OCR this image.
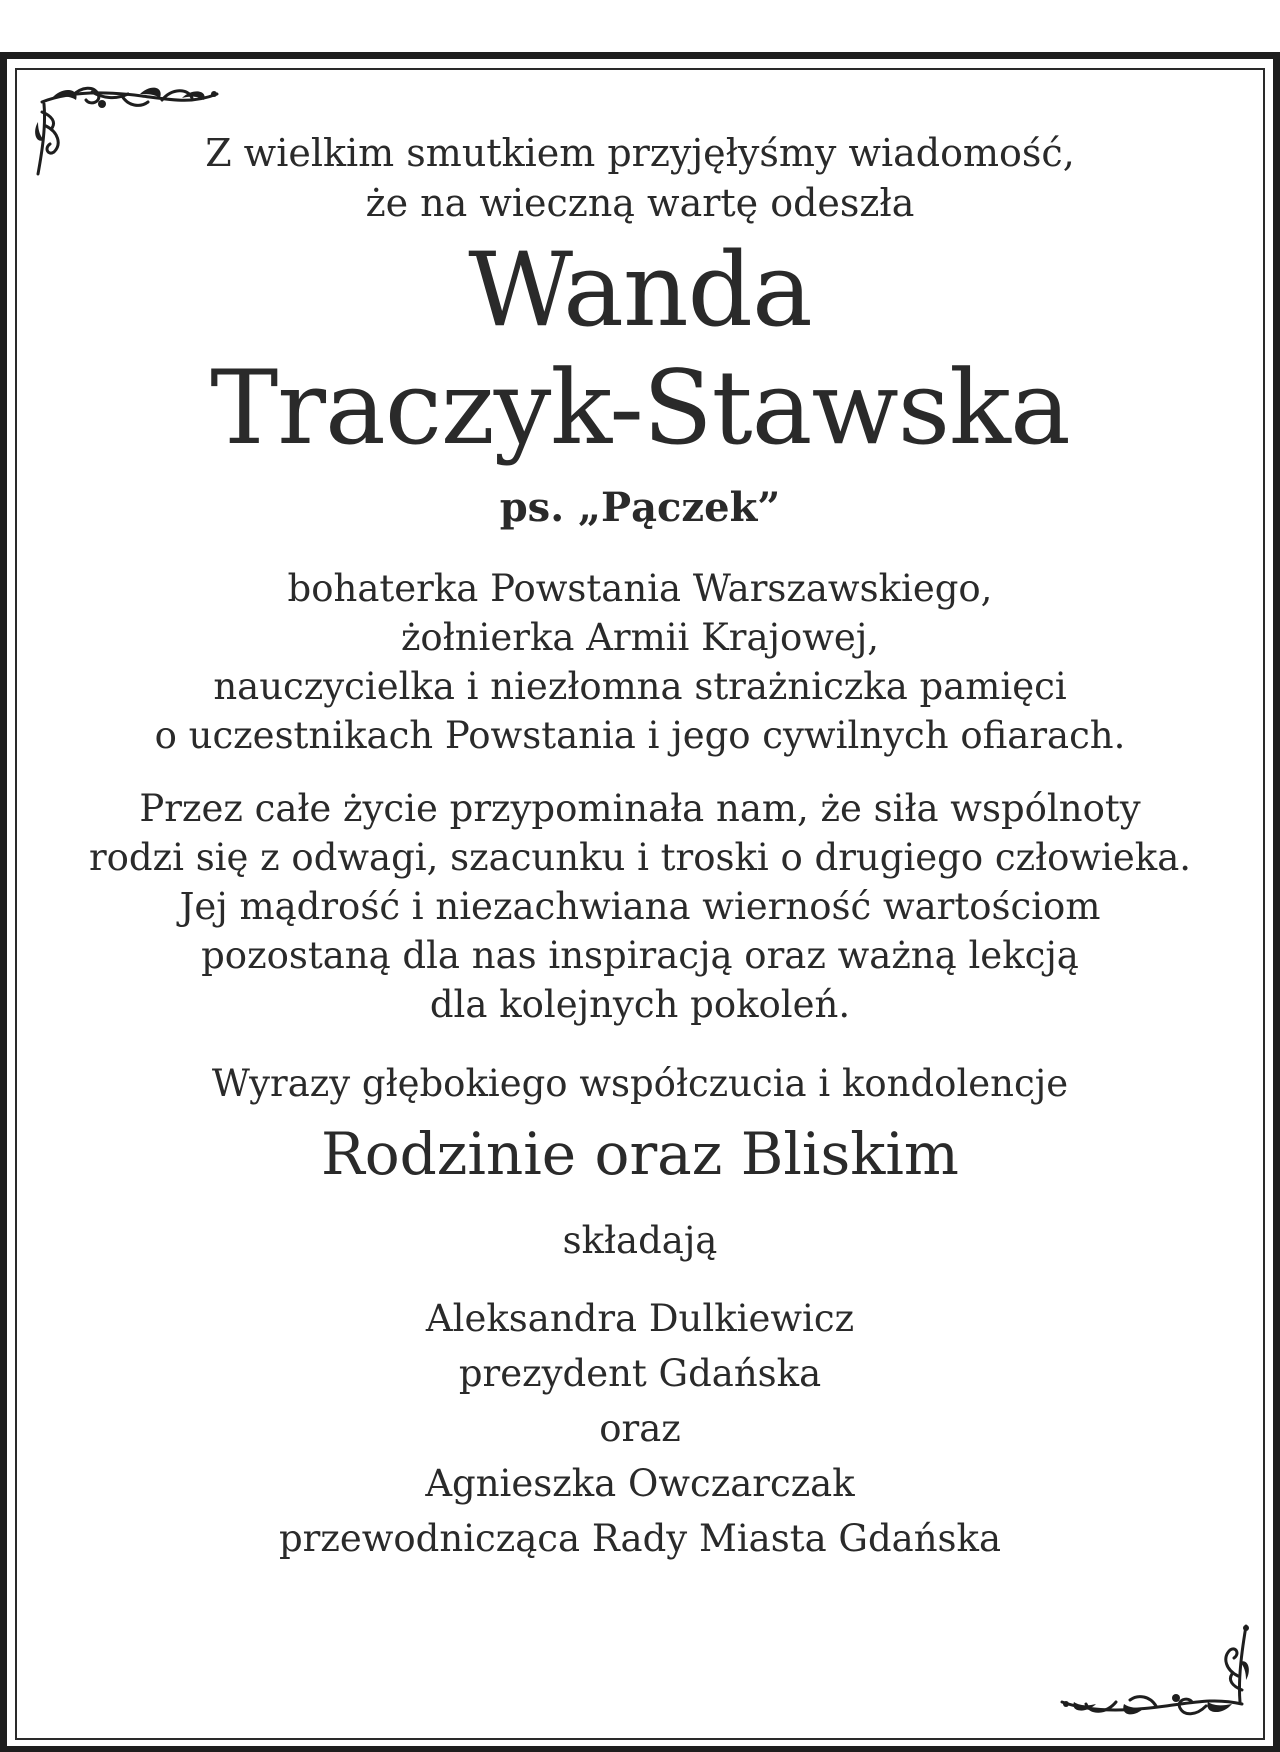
Z wielkim smutkiem przyjęłyśmy wiadomość,
że na wieczną wartę odeszła
Wanda
Traczyk-Stawska
ps. „Pączek”
bohaterka Powstania Warszawskiego,
żołnierka Armii Krajowej,
nauczycielka i niezłomna strażniczka pamięci
o uczestnikach Powstania i jego cywilnych ofiarach.
Przez całe życie przypominała nam, że siła wspólnoty
rodzi się z odwagi, szacunku i troski o drugiego człowieka.
Jej mądrość i niezachwiana wierność wartościom
pozostaną dla nas inspiracją oraz ważną lekcją
dla kolejnych pokoleń.
Wyrazy głębokiego współczucia i kondolencje
Rodzinie oraz Bliskim
składają
Aleksandra Dulkiewicz
prezydent Gdańska
oraz
Agnieszka Owczarczak
przewodnicząca Rady Miasta Gdańska
